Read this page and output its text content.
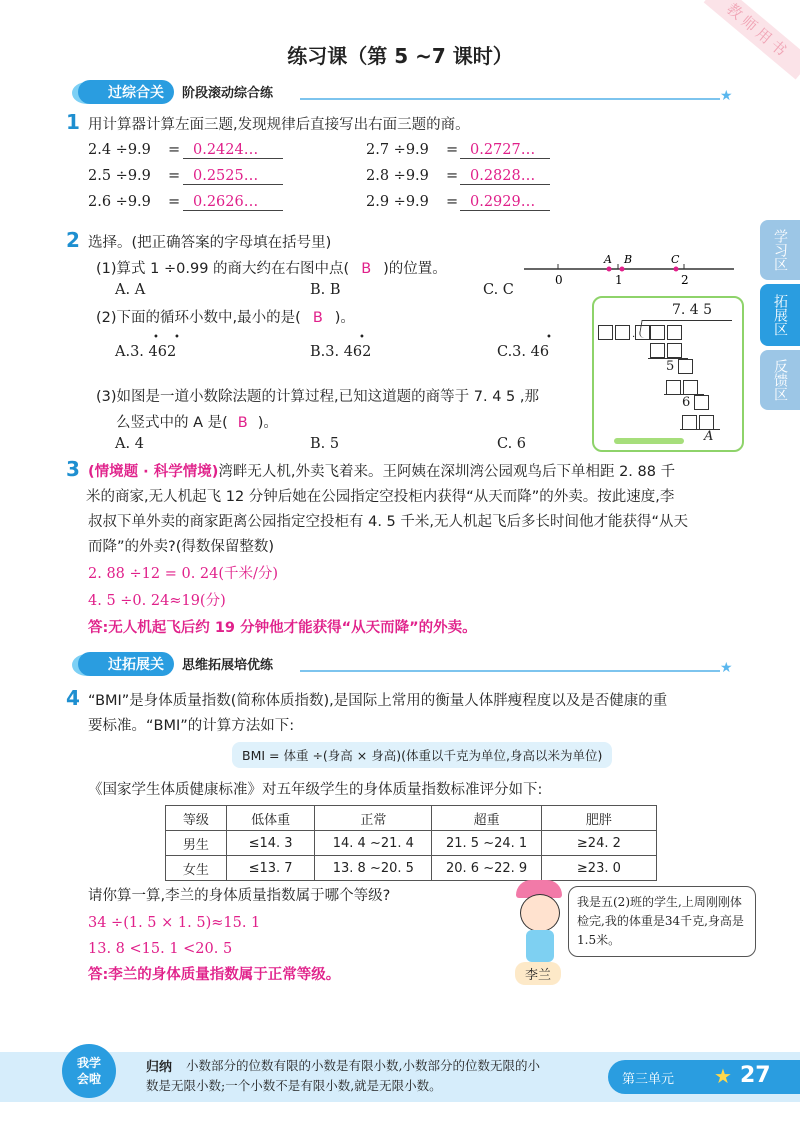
教师用书
练习课（第 5 ~7 课时）
过综合关	阶段滚动综合练	★
学习区
拓展区
反馈区
1 用计算器计算左面三题,发现规律后直接写出右面三题的商。
2.4 ÷9.9 = 0.2424…	2.7 ÷9.9 = 0.2727…
2.5 ÷9.9 = 0.2525…	2.8 ÷9.9 = 0.2828…
2.6 ÷9.9 = 0.2626…	2.9 ÷9.9 = 0.2929…
2 选择。(把正确答案的字母填在括号里)
(1)算式 1 ÷0.99 的商大约在右图中点( B )的位置。
A. A	B. B	C. C
0	1	2
A B	C
(2)下面的循环小数中,最小的是( B )。
A.3. 462	B.3. 462	C.3. 46
• •	•	•
(3)如图是一道小数除法题的计算过程,已知这道题的商等于 7. 4 5 ,那
么竖式中的 A 是( B )。
A. 4	B. 5	C. 6
7. 4 5
.
5
6
A
3 (情境题 · 科学情境)湾畔无人机,外卖飞着来。王阿姨在深圳湾公园观鸟后下单相距 2. 88 千
米的商家,无人机起飞 12 分钟后她在公园指定空投柜内获得“从天而降”的外卖。按此速度,李
叔叔下单外卖的商家距离公园指定空投柜有 4. 5 千米,无人机起飞后多长时间他才能获得“从天
而降”的外卖?(得数保留整数)
2. 88 ÷12 = 0. 24(千米/分)
4. 5 ÷0. 24≈19(分)
答:无人机起飞后约 19 分钟他才能获得“从天而降”的外卖。
过拓展关	思维拓展培优练	★
4 “BMI”是身体质量指数(简称体质指数),是国际上常用的衡量人体胖瘦程度以及是否健康的重
要标准。“BMI”的计算方法如下:
BMI = 体重 ÷(身高 × 身高)(体重以千克为单位,身高以米为单位)
《国家学生体质健康标准》对五年级学生的身体质量指数标准评分如下:
等级	低体重	正常	超重	肥胖
男生	≤14. 3	14. 4 ~21. 4	21. 5 ~24. 1	≥24. 2
女生	≤13. 7	13. 8 ~20. 5	20. 6 ~22. 9	≥23. 0
请你算一算,李兰的身体质量指数属于哪个等级?
34 ÷(1. 5 × 1. 5)≈15. 1
13. 8 <15. 1 <20. 5
答:李兰的身体质量指数属于正常等级。	李兰
我是五(2)班的学生,上周刚刚体检完,我的体重是34千克,身高是1.5米。
我学会啦
归纳 小数部分的位数有限的小数是有限小数,小数部分的位数无限的小
数是无限小数;一个小数不是有限小数,就是无限小数。	第三单元 ★ 27
